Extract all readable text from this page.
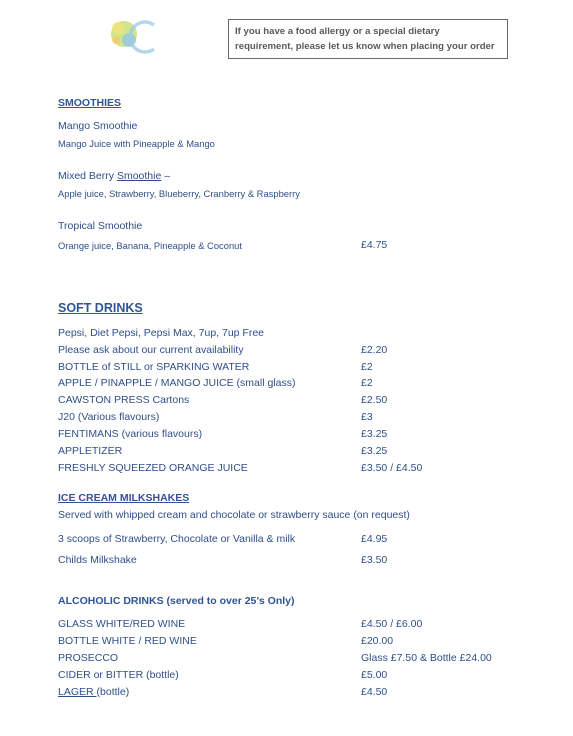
If you have a food allergy or a special dietary
requirement, please let us know when placing your order
SMOOTHIES
Mango Smoothie
Mango Juice with Pineapple & Mango
Mixed Berry Smoothie –
Apple juice, Strawberry, Blueberry, Cranberry & Raspberry
Tropical Smoothie
Orange juice, Banana, Pineapple & Coconut	£4.75
SOFT DRINKS
Pepsi, Diet Pepsi, Pepsi Max, 7up, 7up Free
Please ask about our current availability	£2.20
BOTTLE of STILL or SPARKING WATER	£2
APPLE / PINAPPLE / MANGO JUICE (small glass)	£2
CAWSTON PRESS Cartons	£2.50
J20 (Various flavours)	£3
FENTIMANS (various flavours)	£3.25
APPLETIZER	£3.25
FRESHLY SQUEEZED ORANGE JUICE	£3.50 / £4.50
ICE CREAM MILKSHAKES
Served with whipped cream and chocolate or strawberry sauce (on request)
3 scoops of Strawberry, Chocolate or Vanilla & milk	£4.95
Childs Milkshake	£3.50
ALCOHOLIC DRINKS (served to over 25’s Only)
GLASS WHITE/RED WINE	£4.50 / £6.00
BOTTLE WHITE / RED WINE	£20.00
PROSECCO	Glass £7.50 & Bottle £24.00
CIDER or BITTER (bottle)	£5.00
LAGER (bottle)	£4.50
